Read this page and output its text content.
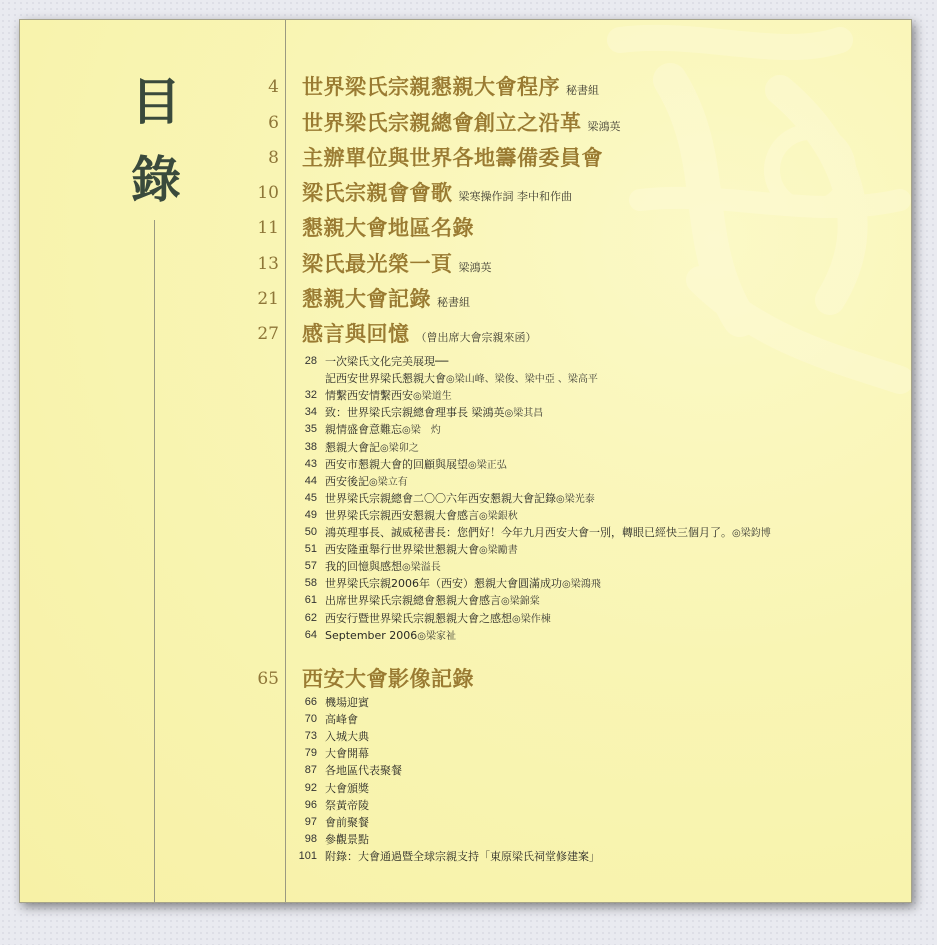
目
錄
4 世界梁氏宗親懇親大會程序 秘書組
6 世界梁氏宗親總會創立之沿革 梁鴻英
8 主辦單位與世界各地籌備委員會
10 梁氏宗親會會歌 梁寒操作詞 李中和作曲
11 懇親大會地區名錄
13 梁氏最光榮一頁 梁鴻英
21 懇親大會記錄 秘書組
27 感言與回憶 （曾出席大會宗親來函）
28 一次梁氏文化完美展現──
記西安世界梁氏懇親大會◎梁山峰、梁俊、梁中亞 、梁高平
32 情繫西安情繫西安◎梁道生
34 致：世界梁氏宗親總會理事長 梁鴻英◎梁其昌
35 親情盛會意難忘◎梁　灼
38 懇親大會記◎梁卯之
43 西安市懇親大會的回顧與展望◎梁正弘
44 西安後記◎梁立有
45 世界梁氏宗親總會二〇〇六年西安懇親大會記錄◎梁光泰
49 世界梁氏宗親西安懇親大會感言◎梁銀秋
50 鴻英理事長、誠威秘書長：您們好！今年九月西安大會一別，轉眼已經快三個月了。◎梁鈞博
51 西安隆重舉行世界梁世懇親大會◎梁勵書
57 我的回憶與感想◎梁溢長
58 世界梁氏宗親2006年（西安）懇親大會圓滿成功◎梁鴻飛
61 出席世界梁氏宗親總會懇親大會感言◎梁錦棠
62 西安行暨世界梁氏宗親懇親大會之感想◎梁作棟
64 September 2006◎梁家祉
65 西安大會影像記錄
66 機場迎賓
70 高峰會
73 入城大典
79 大會開幕
87 各地區代表聚餐
92 大會頒獎
96 祭黃帝陵
97 會前聚餐
98 參觀景點
101 附錄：大會通過暨全球宗親支持「東原梁氏祠堂修建案」
